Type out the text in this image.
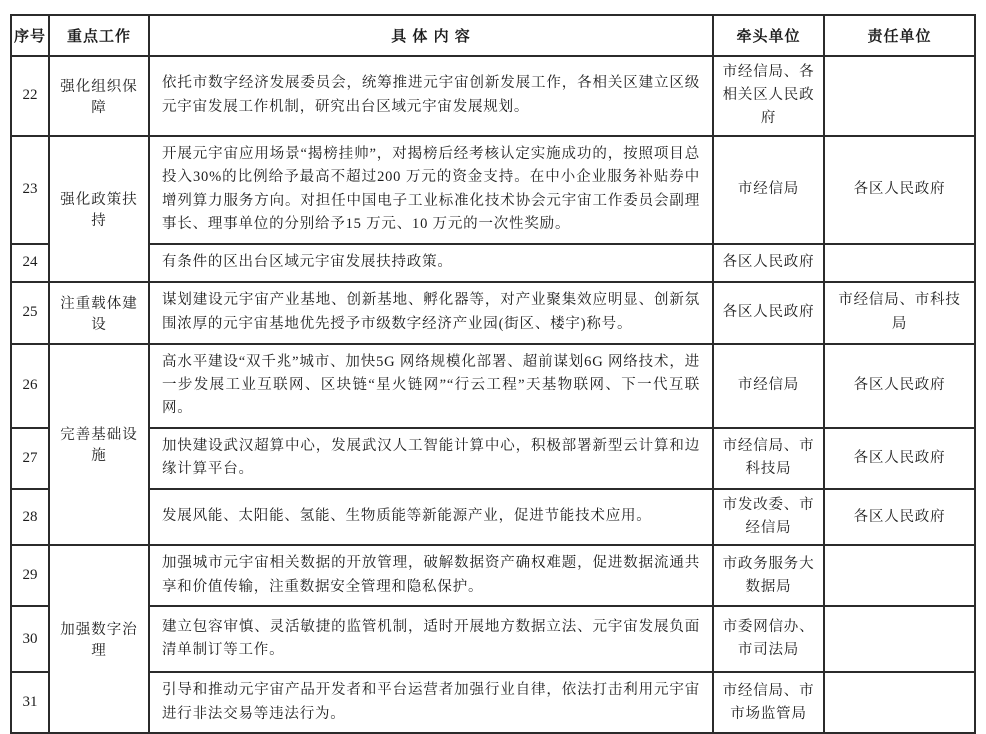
序号	重点工作	具 体 内 容	牵头单位	责任单位
22	强化组织保障	依托市数字经济发展委员会，统筹推进元宇宙创新发展工作，各相关区建立区级元宇宙发展工作机制，研究出台区域元宇宙发展规划。	市经信局、各相关区人民政府	
23	强化政策扶持	开展元宇宙应用场景“揭榜挂帅”，对揭榜后经考核认定实施成功的，按照项目总投入30%的比例给予最高不超过200 万元的资金支持。在中小企业服务补贴券中增列算力服务方向。对担任中国电子工业标准化技术协会元宇宙工作委员会副理事长、理事单位的分别给予15 万元、10 万元的一次性奖励。	市经信局	各区人民政府
24		有条件的区出台区域元宇宙发展扶持政策。	各区人民政府	
25	注重载体建设	谋划建设元宇宙产业基地、创新基地、孵化器等，对产业聚集效应明显、创新氛围浓厚的元宇宙基地优先授予市级数字经济产业园(街区、楼宇)称号。	各区人民政府	市经信局、市科技局
26	完善基础设施	高水平建设“双千兆”城市、加快5G 网络规模化部署、超前谋划6G 网络技术，进一步发展工业互联网、区块链“星火链网”“行云工程”天基物联网、下一代互联网。	市经信局	各区人民政府
27		加快建设武汉超算中心，发展武汉人工智能计算中心，积极部署新型云计算和边缘计算平台。	市经信局、市科技局	各区人民政府
28		发展风能、太阳能、氢能、生物质能等新能源产业，促进节能技术应用。	市发改委、市经信局	各区人民政府
29	加强数字治理	加强城市元宇宙相关数据的开放管理，破解数据资产确权难题，促进数据流通共享和价值传输，注重数据安全管理和隐私保护。	市政务服务大数据局	
30		建立包容审慎、灵活敏捷的监管机制，适时开展地方数据立法、元宇宙发展负面清单制订等工作。	市委网信办、市司法局	
31		引导和推动元宇宙产品开发者和平台运营者加强行业自律，依法打击利用元宇宙进行非法交易等违法行为。	市经信局、市市场监管局	
